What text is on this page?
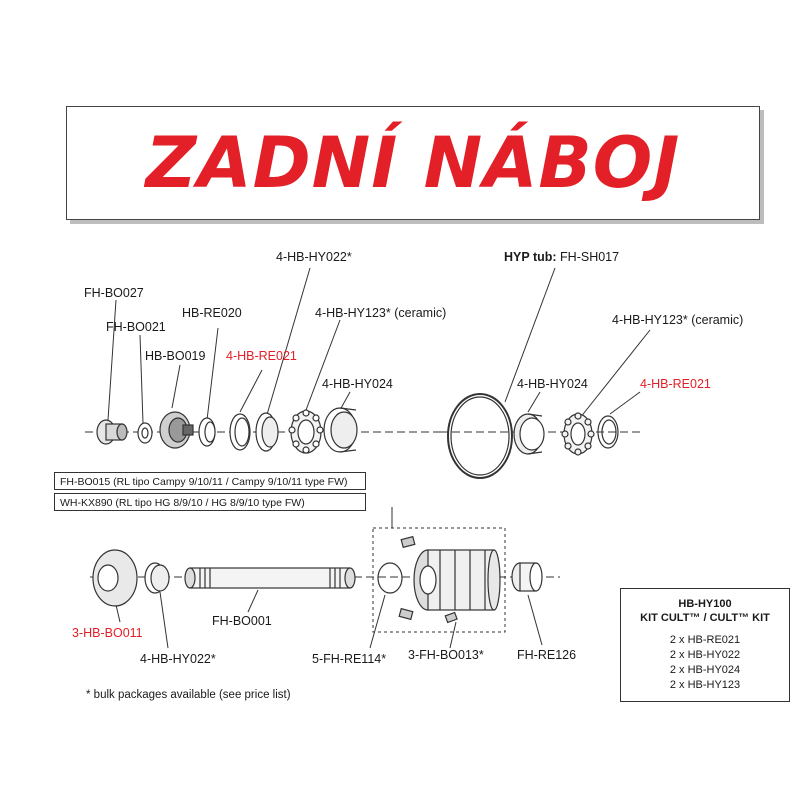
ZADNÍ NÁBOJ
FH-BO027
FH-BO021
HB-RE020
HB-BO019 4-HB-RE021
4-HB-HY022*
4-HB-HY123* (ceramic)
4-HB-HY024
HYP tub: FH-SH017
4-HB-HY123* (ceramic)
4-HB-HY024	4-HB-RE021
3-HB-BO011
4-HB-HY022*
FH-BO001
5-FH-RE114* 3-FH-BO013*	FH-RE126
FH-BO015 (RL tipo Campy 9/10/11 / Campy 9/10/11 type FW)
WH-KX890 (RL tipo HG 8/9/10 / HG 8/9/10 type FW)
* bulk packages available (see price list)
HB-HY100
KIT CULT™ / CULT™ KIT
2 x HB-RE021
2 x HB-HY022
2 x HB-HY024
2 x HB-HY123
